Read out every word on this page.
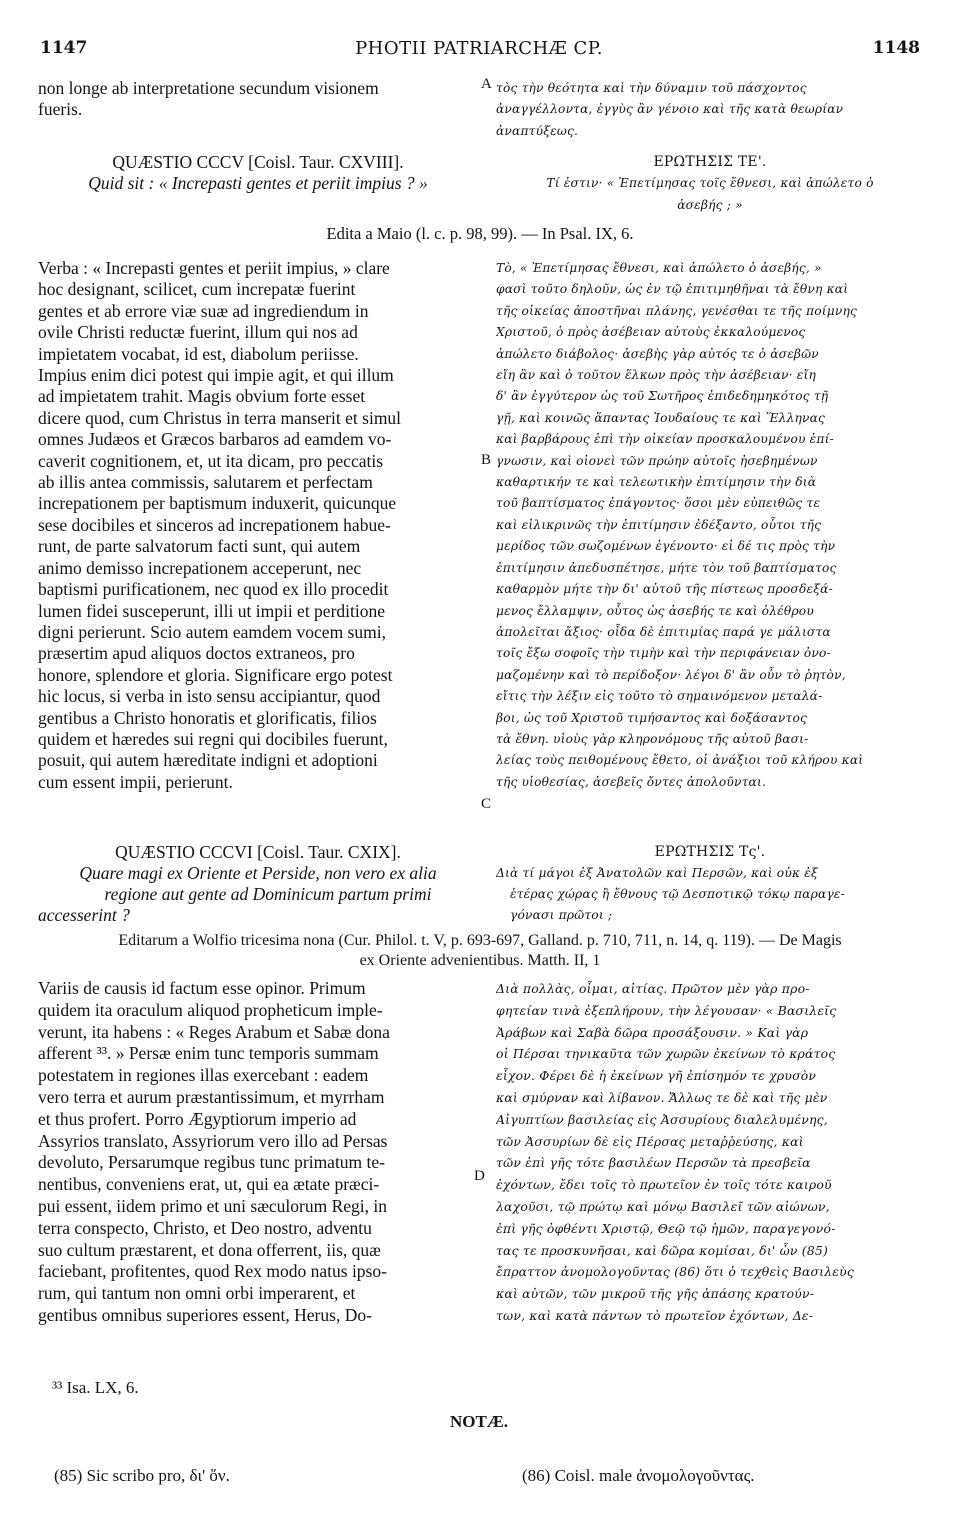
1147	PHOTII PATRIARCHÆ CP.	1148
non longe ab interpretatione secundum visionem
fueris.
A τὸς τὴν θεότητα καὶ τὴν δύναμιν τοῦ πάσχοντος
ἀναγγέλλοντα, ἐγγὺς ἂν γένοιο καὶ τῆς κατὰ θεωρίαν
ἀναπτύξεως.
QUÆSTIO CCCV [Coisl. Taur. CXVIII].
Quid sit : « Increpasti gentes et periit impius ? »
ΕΡΩΤΗΣΙΣ ΤΕ'.
Τί ἐστιν· « Ἐπετίμησας τοῖς ἔθνεσι, καὶ ἀπώλετο ὁ
ἀσεβής ; »
Edita a Maio (l. c. p. 98, 99). — In Psal. IX, 6.
Verba : « Increpasti gentes et periit impius, » clare
hoc designant, scilicet, cum increpatæ fuerint
gentes et ab errore viæ suæ ad ingrediendum in
ovile Christi reductæ fuerint, illum qui nos ad
impietatem vocabat, id est, diabolum periisse.
Impius enim dici potest qui impie agit, et qui illum
ad impietatem trahit. Magis obvium forte esset
dicere quod, cum Christus in terra manserit et simul
omnes Judæos et Græcos barbaros ad eamdem vo-
caverit cognitionem, et, ut ita dicam, pro peccatis
ab illis antea commissis, salutarem et perfectam
increpationem per baptismum induxerit, quicunque
sese docibiles et sinceros ad increpationem habue-
runt, de parte salvatorum facti sunt, qui autem
animo demisso increpationem acceperunt, nec
baptismi purificationem, nec quod ex illo procedit
lumen fidei susceperunt, illi ut impii et perditione
digni perierunt. Scio autem eamdem vocem sumi,
præsertim apud aliquos doctos extraneos, pro
honore, splendore et gloria. Significare ergo potest
hic locus, si verba in isto sensu accipiantur, quod
gentibus a Christo honoratis et glorificatis, filios
quidem et hæredes sui regni qui docibiles fuerunt,
posuit, qui autem hæreditate indigni et adoptioni
cum essent impii, perierunt.
B
C
Τὸ, « Ἐπετίμησας ἔθνεσι, καὶ ἀπώλετο ὁ ἀσεβής, »
φασὶ τοῦτο δηλοῦν, ὡς ἐν τῷ ἐπιτιμηθῆναι τὰ ἔθνη καὶ
τῆς οἰκείας ἀποστῆναι πλάνης, γενέσθαι τε τῆς ποίμνης
Χριστοῦ, ὁ πρὸς ἀσέβειαν αὐτοὺς ἐκκαλούμενος
ἀπώλετο διάβολος· ἀσεβὴς γὰρ αὐτός τε ὁ ἀσεβῶν
εἴη ἂν καὶ ὁ τοῦτον ἕλκων πρὸς τὴν ἀσέβειαν· εἴη
δ' ἂν ἐγγύτερον ὡς τοῦ Σωτῆρος ἐπιδεδημηκότος τῇ
γῇ, καὶ κοινῶς ἅπαντας Ἰουδαίους τε καὶ Ἕλληνας
καὶ βαρβάρους ἐπὶ τὴν οἰκείαν προσκαλουμένου ἐπί-
γνωσιν, καὶ οἱονεὶ τῶν πρώην αὐτοῖς ἠσεβημένων
καθαρτικήν τε καὶ τελεωτικὴν ἐπιτίμησιν τὴν διὰ
τοῦ βαπτίσματος ἐπάγοντος· ὅσοι μὲν εὐπειθῶς τε
καὶ εἰλικρινῶς τὴν ἐπιτίμησιν ἐδέξαντο, οὗτοι τῆς
μερίδος τῶν σωζομένων ἐγένοντο· εἰ δέ τις πρὸς τὴν
ἐπιτίμησιν ἀπεδυσπέτησε, μήτε τὸν τοῦ βαπτίσματος
καθαρμὸν μήτε τὴν δι' αὐτοῦ τῆς πίστεως προσδεξά-
μενος ἔλλαμψιν, οὗτος ὡς ἀσεβής τε καὶ ὀλέθρου
ἀπολεῖται ἄξιος· οἶδα δὲ ἐπιτιμίας παρά γε μάλιστα
τοῖς ἔξω σοφοῖς τὴν τιμὴν καὶ τὴν περιφάνειαν ὀνο-
μαζομένην καὶ τὸ περίδοξον· λέγοι δ' ἂν οὖν τὸ ῥητὸν,
εἴτις τὴν λέξιν εἰς τοῦτο τὸ σημαινόμενον μεταλά-
βοι, ὡς τοῦ Χριστοῦ τιμήσαντος καὶ δοξάσαντος
τὰ ἔθνη. υἱοὺς γὰρ κληρονόμους τῆς αὐτοῦ βασι-
λείας τοὺς πειθομένους ἔθετο, οἱ ἀνάξιοι τοῦ κλήρου καὶ
τῆς υἱοθεσίας, ἀσεβεῖς ὄντες ἀπολοῦνται.
QUÆSTIO CCCVI [Coisl. Taur. CXIX].
Quare magi ex Oriente et Perside, non vero ex alia
regione aut gente ad Dominicum partum primi
accesserint ?
ΕΡΩΤΗΣΙΣ Τς'.
Διὰ τί μάγοι ἐξ Ἀνατολῶν καὶ Περσῶν, καὶ οὐκ ἐξ
ἑτέρας χώρας ἢ ἔθνους τῷ Δεσποτικῷ τόκῳ παραγε-
γόνασι πρῶτοι ;
Editarum a Wolfio tricesima nona (Cur. Philol. t. V, p. 693-697, Galland. p. 710, 711, n. 14, q. 119). — De Magis
ex Oriente advenientibus. Matth. II, 1
Variis de causis id factum esse opinor. Primum
quidem ita oraculum aliquod propheticum imple-
verunt, ita habens : « Reges Arabum et Sabæ dona
afferent ³³. » Persæ enim tunc temporis summam
potestatem in regiones illas exercebant : eadem
vero terra et aurum præstantissimum, et myrrham
et thus profert. Porro Ægyptiorum imperio ad
Assyrios translato, Assyriorum vero illo ad Persas
devoluto, Persarumque regibus tunc primatum te-
nentibus, conveniens erat, ut, qui ea ætate præci-
pui essent, iidem primo et uni sæculorum Regi, in
terra conspecto, Christo, et Deo nostro, adventu
suo cultum præstarent, et dona offerrent, iis, quæ
faciebant, profitentes, quod Rex modo natus ipso-
rum, qui tantum non omni orbi imperarent, et
gentibus omnibus superiores essent, Herus, Do-
D
Διὰ πολλὰς, οἶμαι, αἰτίας. Πρῶτον μὲν γὰρ προ-
φητείαν τινὰ ἐξεπλήρουν, τὴν λέγουσαν· « Βασιλεῖς
Ἀράβων καὶ Σαβὰ δῶρα προσάξουσιν. » Καὶ γὰρ
οἱ Πέρσαι τηνικαῦτα τῶν χωρῶν ἐκείνων τὸ κράτος
εἶχον. Φέρει δὲ ἡ ἐκείνων γῆ ἐπίσημόν τε χρυσὸν
καὶ σμύρναν καὶ λίβανον. Ἄλλως τε δὲ καὶ τῆς μὲν
Αἰγυπτίων βασιλείας εἰς Ἀσσυρίους διαλελυμένης,
τῶν Ἀσσυρίων δὲ εἰς Πέρσας μεταῤῥεύσης, καὶ
τῶν ἐπὶ γῆς τότε βασιλέων Περσῶν τὰ πρεσβεῖα
ἐχόντων, ἔδει τοῖς τὸ πρωτεῖον ἐν τοῖς τότε καιροῦ
λαχοῦσι, τῷ πρώτῳ καὶ μόνῳ Βασιλεῖ τῶν αἰώνων,
ἐπὶ γῆς ὀφθέντι Χριστῷ, Θεῷ τῷ ἡμῶν, παραγεγονό-
τας τε προσκυνῆσαι, καὶ δῶρα κομίσαι, δι' ὧν (85)
ἔπραττον ἀνομολογοῦντας (86) ὅτι ὁ τεχθεὶς Βασιλεὺς
καὶ αὐτῶν, τῶν μικροῦ τῆς γῆς ἁπάσης κρατούν-
των, καὶ κατὰ πάντων τὸ πρωτεῖον ἐχόντων, Δε-
³³ Isa. LX, 6.
NOTÆ.
(85) Sic scribo pro, δι' ὅν.	(86) Coisl. male ἀνομολογοῦντας.
